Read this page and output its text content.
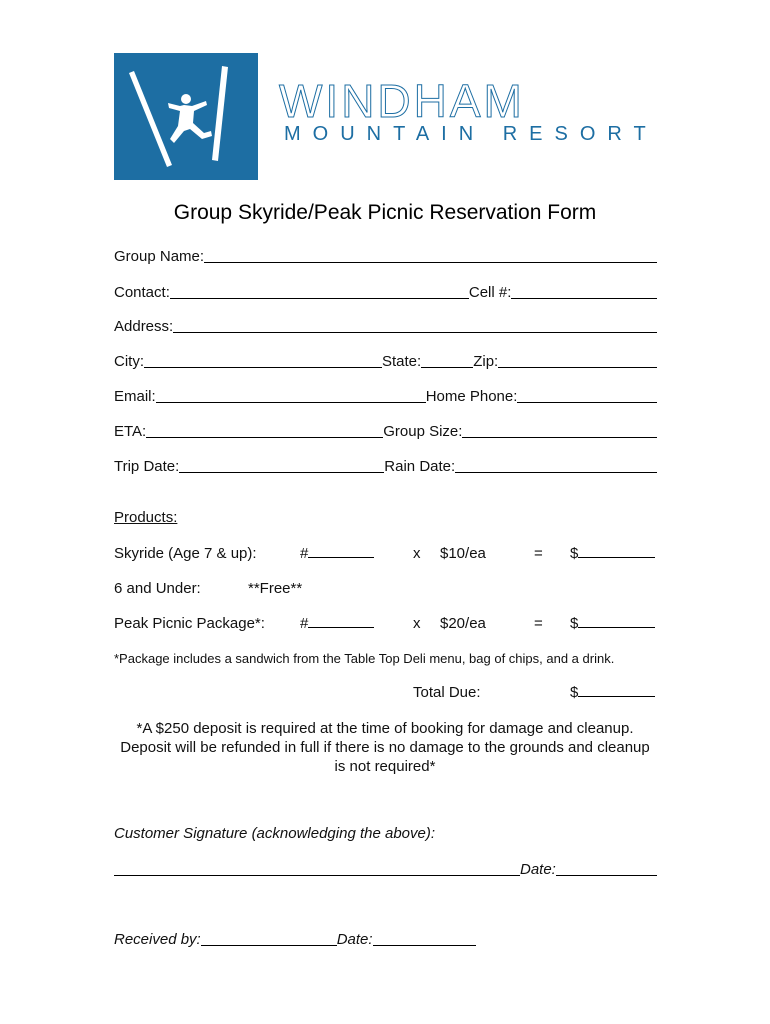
WINDHAM
MOUNTAIN RESORT
Group Skyride/Peak Picnic Reservation Form
Group Name:
Contact:	Cell #:
Address:
City:	State:	Zip:
Email:	Home Phone:
ETA:	Group Size:
Trip Date:	Rain Date:
Products:
Skyride (Age 7 & up):	#	x $10/ea	= $
6 and Under:	**Free**
Peak Picnic Package*: #	x $20/ea	= $
*Package includes a sandwich from the Table Top Deli menu, bag of chips, and a drink.
Total Due:	$
*A $250 deposit is required at the time of booking for damage and cleanup.
Deposit will be refunded in full if there is no damage to the grounds and cleanup
is not required*
Customer Signature (acknowledging the above):
Date:
Received by:	Date:
